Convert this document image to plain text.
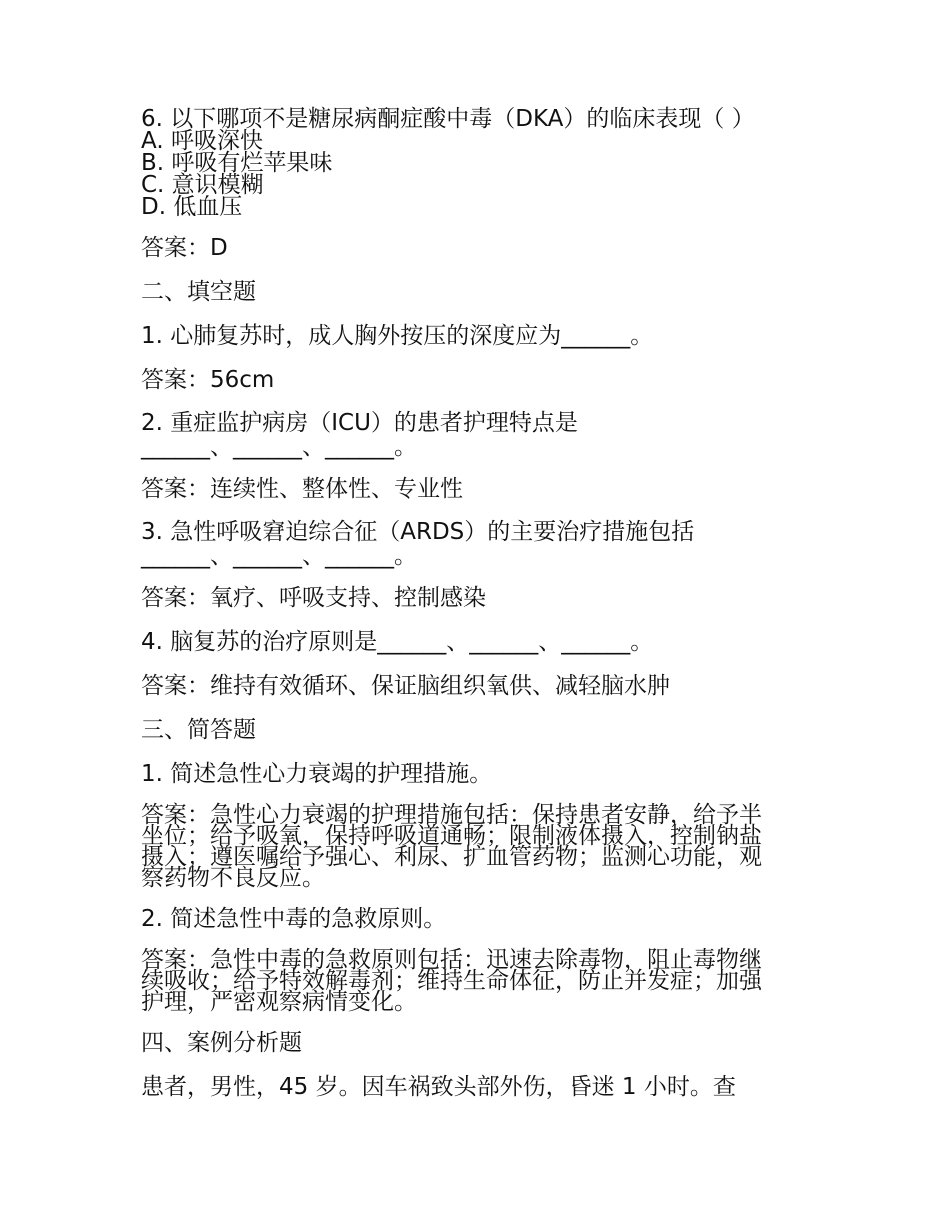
6. 以下哪项不是糖尿病酮症酸中毒（DKA）的临床表现（ ）
A. 呼吸深快
B. 呼吸有烂苹果味
C. 意识模糊
D. 低血压

答案：D

二、填空题

1. 心肺复苏时，成人胸外按压的深度应为______。

答案：56cm

2. 重症监护病房（ICU）的患者护理特点是
______、______、______。

答案：连续性、整体性、专业性

3. 急性呼吸窘迫综合征（ARDS）的主要治疗措施包括
______、______、______。

答案：氧疗、呼吸支持、控制感染

4. 脑复苏的治疗原则是______、______、______。

答案：维持有效循环、保证脑组织氧供、减轻脑水肿

三、简答题

1. 简述急性心力衰竭的护理措施。

答案：急性心力衰竭的护理措施包括：保持患者安静，给予半
坐位；给予吸氧，保持呼吸道通畅；限制液体摄入，控制钠盐
摄入；遵医嘱给予强心、利尿、扩血管药物；监测心功能，观
察药物不良反应。

2. 简述急性中毒的急救原则。

答案：急性中毒的急救原则包括：迅速去除毒物，阻止毒物继
续吸收；给予特效解毒剂；维持生命体征，防止并发症；加强
护理，严密观察病情变化。

四、案例分析题

患者，男性，45 岁。因车祸致头部外伤，昏迷 1 小时。查
